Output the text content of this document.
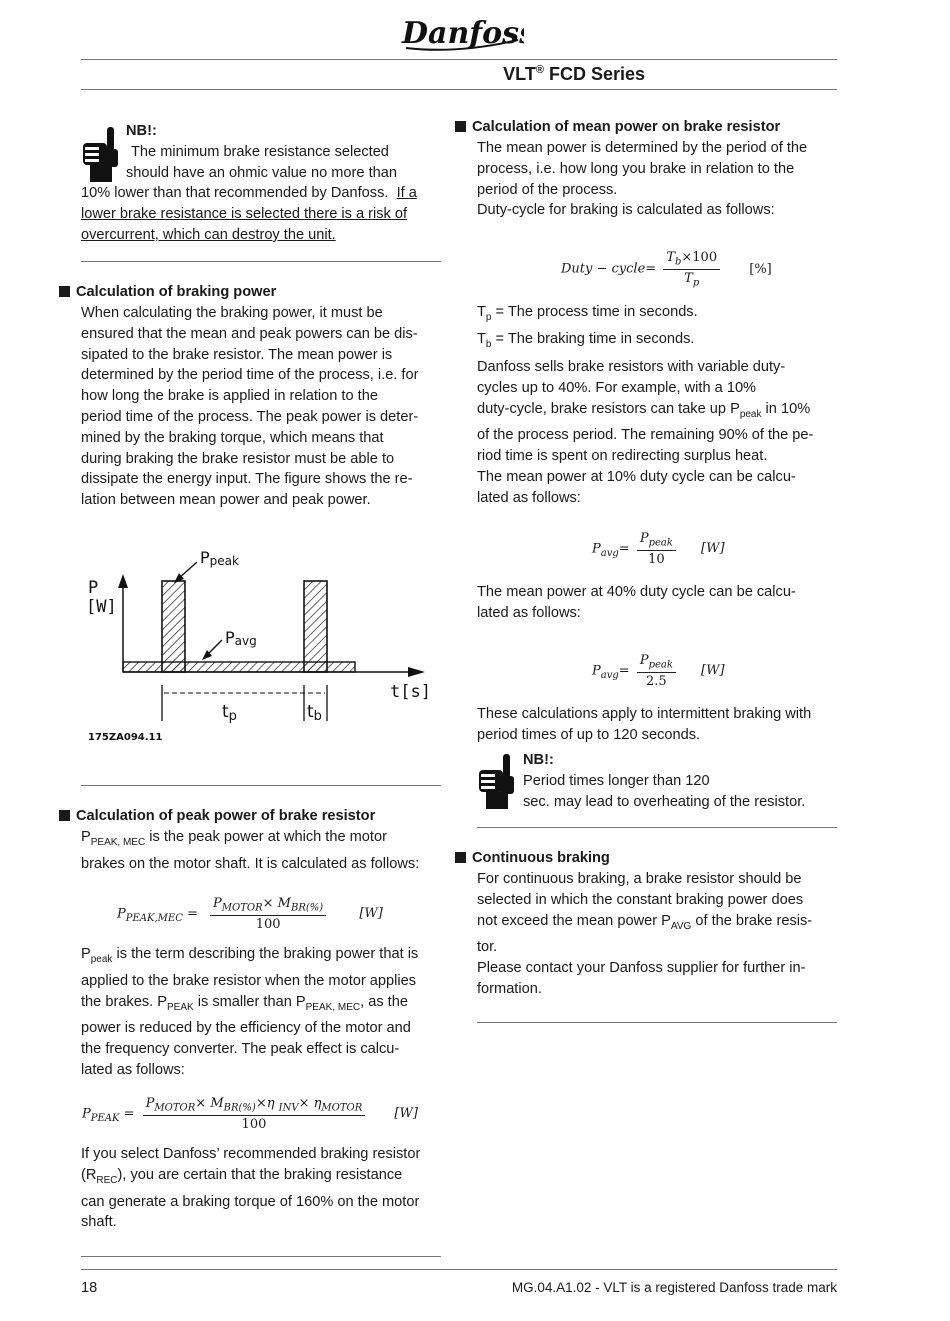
Danfoss
VLT® FCD Series

NB!:

The minimum brake resistance selected

should have an ohmic value no more than

10% lower than that recommended by Danfoss. If a

lower brake resistance is selected there is a risk of

overcurrent, which can destroy the unit.

Calculation of braking power

When calculating the braking power, it must be

ensured that the mean and peak powers can be dis-

sipated to the brake resistor. The mean power is

determined by the period time of the process, i.e. for

how long the brake is applied in relation to the

period time of the process. The peak power is deter-

mined by the braking torque, which means that

during braking the brake resistor must be able to

dissipate the energy input. The figure shows the re-

lation between mean power and peak power.

Ppeak
Pavg
P
[W]
t[s]
tp	tb
175ZA094.11
Calculation of peak power of brake resistor

$P_{PEAK, MEC}$ is the peak power at which the motor

brakes on the motor shaft. It is calculated as follows:

$P_{PEAK,MEC} = \frac{P_{MOTOR}\times M_{BR(\%)}}{100}$	[W]

$P_{peak}$ is the term describing the braking power that is

applied to the brake resistor when the motor applies

the brakes. $P_{PEAK}$ is smaller than $P_{PEAK, MEC}$, as the

power is reduced by the efficiency of the motor and

the frequency converter. The peak effect is calcu-

lated as follows:

$P_{PEAK} = \frac{P_{MOTOR}\times M_{BR(\%)}\times\eta _{INV}\times \eta_{MOTOR}}{100} [W]$

If you select Danfoss’ recommended braking resistor

$(R_{REC})$, you are certain that the braking resistance

can generate a braking torque of 160% on the motor

shaft.

Calculation of mean power on brake resistor

The mean power is determined by the period of the

process, i.e. how long you brake in relation to the

period of the process.

Duty-cycle for braking is calculated as follows:

Duty − cycle= $\frac{T_b\times 100}{T_p}$ [%]

$T_p$ = The process time in seconds.

$T_b$ = The braking time in seconds.

Danfoss sells brake resistors with variable duty-

cycles up to 40%. For example, with a 10%

duty-cycle, brake resistors can take up $P_{peak}$ in 10%

of the process period. The remaining 90% of the pe-

riod time is spent on redirecting surplus heat.

The mean power at 10% duty cycle can be calcu-

lated as follows:

$P_{avg}= \frac{P_{peak}}{10} [W]$

The mean power at 40% duty cycle can be calcu-

lated as follows:

$P_{avg}= \frac{P_{peak}}{2.5} [W]$

These calculations apply to intermittent braking with

period times of up to 120 seconds.

NB!:

Period times longer than 120

sec. may lead to overheating of the resistor.

Continuous braking

For continuous braking, a brake resistor should be

selected in which the constant braking power does

not exceed the mean power $P_{AVG}$ of the brake resis-

tor.

Please contact your Danfoss supplier for further in-

formation.

18	MG.04.A1.02 - VLT is a registered Danfoss trade mark
